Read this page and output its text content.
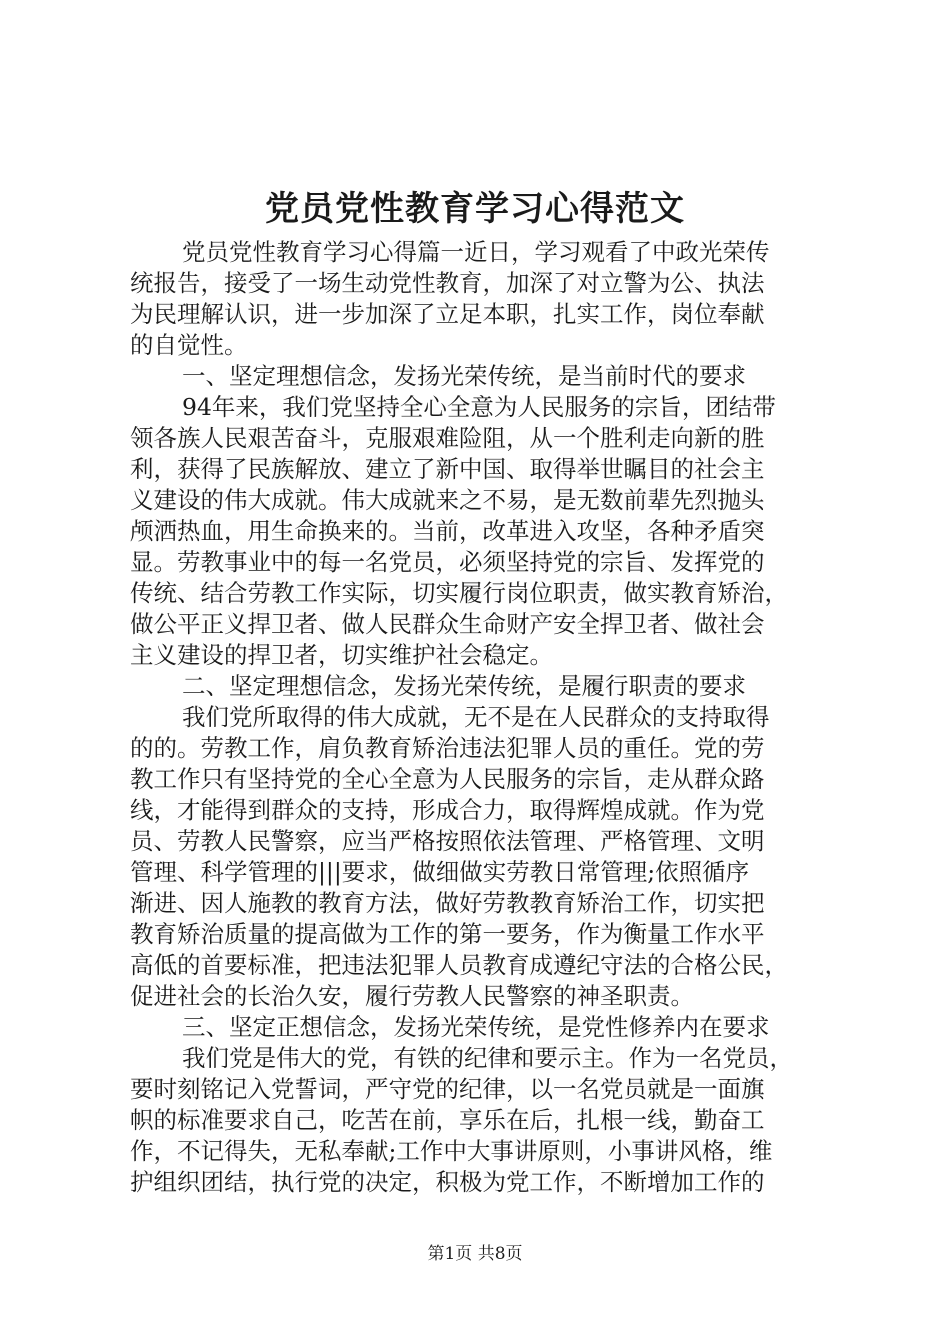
党员党性教育学习心得范文
党员党性教育学习心得篇一近日，学习观看了中政光荣传
统报告，接受了一场生动党性教育，加深了对立警为公、执法
为民理解认识，进一步加深了立足本职，扎实工作，岗位奉献
的自觉性。
一、坚定理想信念，发扬光荣传统，是当前时代的要求
94年来，我们党坚持全心全意为人民服务的宗旨，团结带
领各族人民艰苦奋斗，克服艰难险阻，从一个胜利走向新的胜
利，获得了民族解放、建立了新中国、取得举世瞩目的社会主
义建设的伟大成就。伟大成就来之不易，是无数前辈先烈抛头
颅洒热血，用生命换来的。当前，改革进入攻坚，各种矛盾突
显。劳教事业中的每一名党员，必须坚持党的宗旨、发挥党的
传统、结合劳教工作实际，切实履行岗位职责，做实教育矫治，
做公平正义捍卫者、做人民群众生命财产安全捍卫者、做社会
主义建设的捍卫者，切实维护社会稳定。
二、坚定理想信念，发扬光荣传统，是履行职责的要求
我们党所取得的伟大成就，无不是在人民群众的支持取得
的的。劳教工作，肩负教育矫治违法犯罪人员的重任。党的劳
教工作只有坚持党的全心全意为人民服务的宗旨，走从群众路
线，才能得到群众的支持，形成合力，取得辉煌成就。作为党
员、劳教人民警察，应当严格按照依法管理、严格管理、文明
管理、科学管理的|||要求，做细做实劳教日常管理;依照循序
渐进、因人施教的教育方法，做好劳教教育矫治工作，切实把
教育矫治质量的提高做为工作的第一要务，作为衡量工作水平
高低的首要标准，把违法犯罪人员教育成遵纪守法的合格公民，
促进社会的长治久安，履行劳教人民警察的神圣职责。
三、坚定正想信念，发扬光荣传统，是党性修养内在要求
我们党是伟大的党，有铁的纪律和要示主。作为一名党员，
要时刻铭记入党誓词，严守党的纪律，以一名党员就是一面旗
帜的标准要求自己，吃苦在前，享乐在后，扎根一线，勤奋工
作，不记得失，无私奉献;工作中大事讲原则，小事讲风格，维
护组织团结，执行党的决定，积极为党工作，不断增加工作的
第1页 共8页
